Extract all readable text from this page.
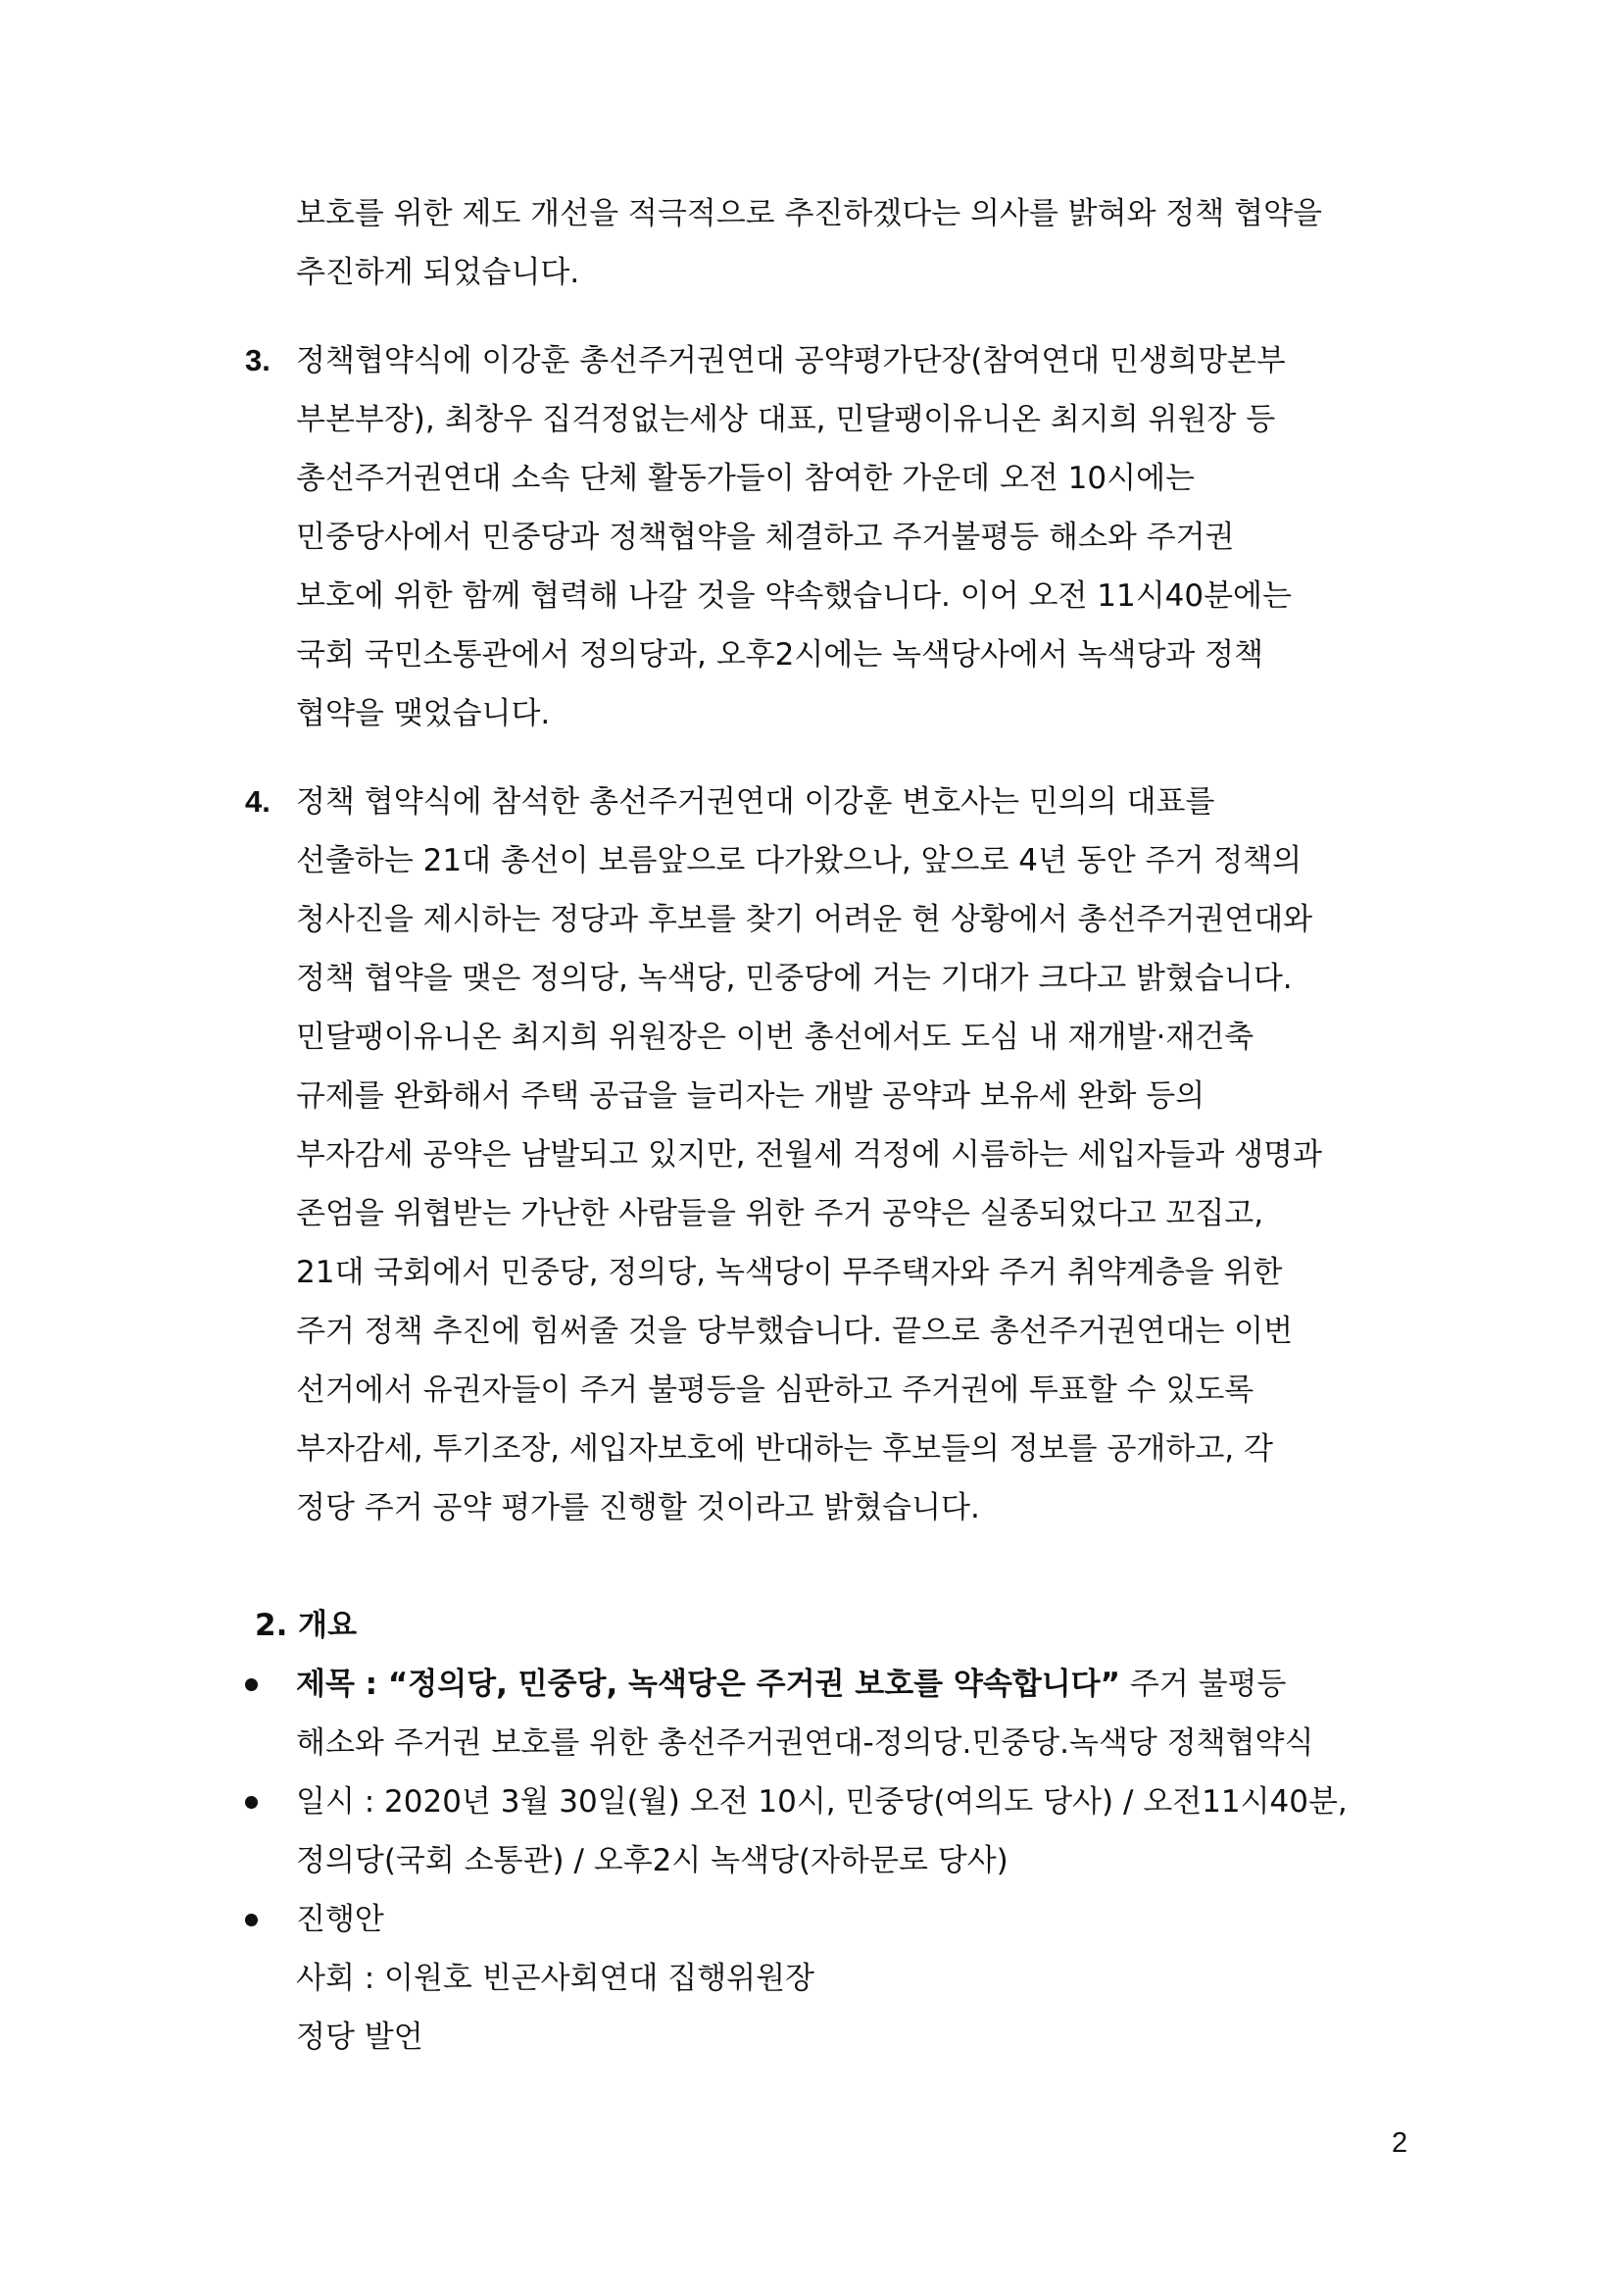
보호를 위한 제도 개선을 적극적으로 추진하겠다는 의사를 밝혀와 정책 협약을
추진하게 되었습니다.
3. 정책협약식에 이강훈 총선주거권연대 공약평가단장(참여연대 민생희망본부
부본부장), 최창우 집걱정없는세상 대표, 민달팽이유니온 최지희 위원장 등
총선주거권연대 소속 단체 활동가들이 참여한 가운데 오전 10시에는
민중당사에서 민중당과 정책협약을 체결하고 주거불평등 해소와 주거권
보호에 위한 함께 협력해 나갈 것을 약속했습니다. 이어 오전 11시40분에는
국회 국민소통관에서 정의당과, 오후2시에는 녹색당사에서 녹색당과 정책
협약을 맺었습니다.
4. 정책 협약식에 참석한 총선주거권연대 이강훈 변호사는 민의의 대표를
선출하는 21대 총선이 보름앞으로 다가왔으나, 앞으로 4년 동안 주거 정책의
청사진을 제시하는 정당과 후보를 찾기 어려운 현 상황에서 총선주거권연대와
정책 협약을 맺은 정의당, 녹색당, 민중당에 거는 기대가 크다고 밝혔습니다.
민달팽이유니온 최지희 위원장은 이번 총선에서도 도심 내 재개발·재건축
규제를 완화해서 주택 공급을 늘리자는 개발 공약과 보유세 완화 등의
부자감세 공약은 남발되고 있지만, 전월세 걱정에 시름하는 세입자들과 생명과
존엄을 위협받는 가난한 사람들을 위한 주거 공약은 실종되었다고 꼬집고,
21대 국회에서 민중당, 정의당, 녹색당이 무주택자와 주거 취약계층을 위한
주거 정책 추진에 힘써줄 것을 당부했습니다. 끝으로 총선주거권연대는 이번
선거에서 유권자들이 주거 불평등을 심판하고 주거권에 투표할 수 있도록
부자감세, 투기조장, 세입자보호에 반대하는 후보들의 정보를 공개하고, 각
정당 주거 공약 평가를 진행할 것이라고 밝혔습니다.
2. 개요
제목 : “정의당, 민중당, 녹색당은 주거권 보호를 약속합니다” 주거 불평등
해소와 주거권 보호를 위한 총선주거권연대-정의당.민중당.녹색당 정책협약식
일시 : 2020년 3월 30일(월) 오전 10시, 민중당(여의도 당사) / 오전11시40분,
정의당(국회 소통관) / 오후2시 녹색당(자하문로 당사)
진행안
사회 : 이원호 빈곤사회연대 집행위원장
정당 발언
2
